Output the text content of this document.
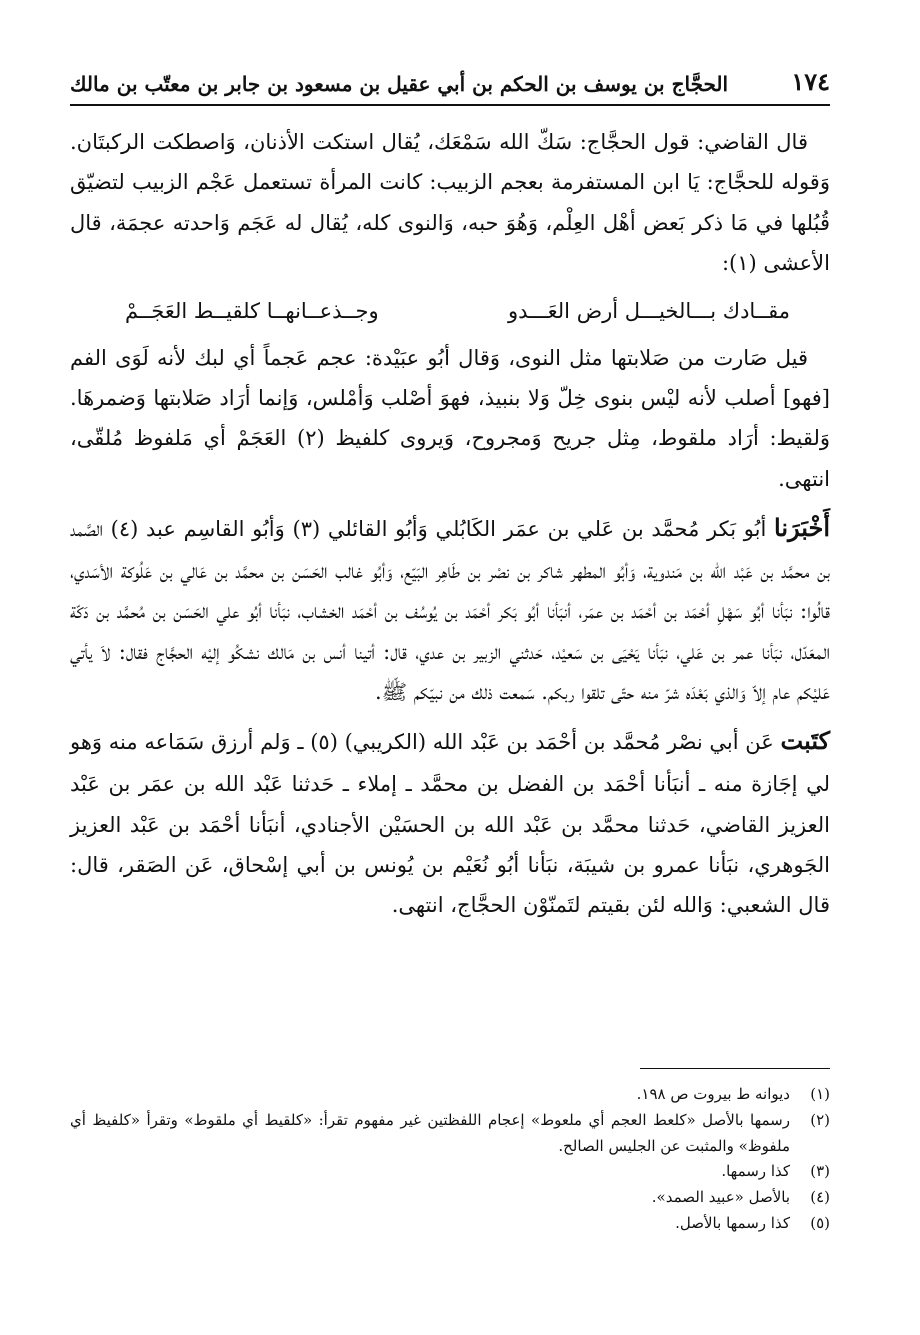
١٧٤
الحجَّاج بن يوسف بن الحكم بن أبي عقيل بن مسعود بن جابر بن معتّب بن مالك

قال القاضي: قول الحجَّاج: سَكّ الله سَمْعَك، يُقال استكت الأذنان، وَاصطكت الركبتَان. وَقوله للحجَّاج: يَا ابن المستفرمة بعجم الزبيب: كانت المرأة تستعمل عَجْم الزبيب لتضيّق قُبُلها في مَا ذكر بَعض أهْل العِلْم، وَهُوَ حبه، وَالنوى كله، يُقال له عَجَم وَاحدته عجمَة، قال الأعشى (١):

مقــادك بـــالخيـــل أرض العَـــدو
وجــذعــانهــا كلقيــط العَجَــمْ

قيل صَارت من صَلابتها مثل النوى، وَقال أبُو عبَيْدة: عجم عَجماً أي لبك لأنه لَوَى الفم [فهو] أصلب لأنه ليْس بنوى خِلّ وَلا بنبيذ، فهوَ أصْلب وَأمْلس، وَإنما أرَاد صَلابتها وَضمرهَا. وَلقيط: أرَاد ملقوط، مِثل جريح وَمجروح، وَيروى كلفيظ (٢) العَجَمْ أي مَلفوظ مُلقّى، انتهى.

أَخْبَرَنا أبُو بَكر مُحمَّد بن عَلي بن عمَر الكَابُلي وَأبُو القائلي (٣) وَأبُو القاسِم عبد (٤) الصَّمد بن محمَّد بن عَبْد الله بن مَندوية، وَأبُو المطهر شاكر بن نصْر بن طَاهِر البَيّع، وَأبُو غالب الحَسَن بن محمَّد بن عَالي بن عَلُوكة الأسَدي، قالُوا: نبَأنا أبُو سَهْلِ أحْمَد بن أحْمَد بن عمَر، أنبَأنا أبُو بَكر أحْمَد بن يُوسُف بن أحْمَد الخشاب، نبَأنا أبُو علي الحَسَن بن مُحمَّد بن دَكّة المعَدّل، نبَأنا عمر بن عَلي، نبَأنا يَحْيَى بن سَعيْد، حَدثني الزبير بن عدي، قال: أتينا أنس بن مَالك نشكُو إليْه الحجَّاج فقال: لاَ يأتي عَليْكم عام إلاّ وَالذي بَعْدَه شرّ منه حتّى تلقوا ربكم. سَمعت ذلك من نبيّكم ﷺ.

كتَبت عَن أبي نصْر مُحمَّد بن أحْمَد بن عَبْد الله (الكريبي) (٥) ـ وَلم أرزق سَمَاعه منه وَهو لي إجَازة منه ـ أنبَأنا أحْمَد بن الفضل بن محمَّد ـ إملاء ـ حَدثنا عَبْد الله بن عمَر بن عَبْد العزيز القاضي، حَدثنا محمَّد بن عَبْد الله بن الحسَيْن الأجنادي، أنبَأنا أحْمَد بن عَبْد العزيز الجَوهري، نبَأنا عمرو بن شيبَة، نبَأنا أبُو نُعَيْم بن يُونس بن أبي إسْحاق، عَن الصَقر، قال: قال الشعبي: وَالله لئن بقيتم لتَمنّوْن الحجَّاج، انتهى.

(١)
ديوانه ط بيروت ص ١٩٨.
(٢)
رسمها بالأصل «كلعط العجم أي ملعوط» إعجام اللفظتين غير مفهوم تقرأ: «كلقيط أي ملقوط» وتقرأ «كلفيظ أي ملفوظ» والمثبت عن الجليس الصالح.
(٣)
كذا رسمها.
(٤)
بالأصل «عبيد الصمد».
(٥)
كذا رسمها بالأصل.
